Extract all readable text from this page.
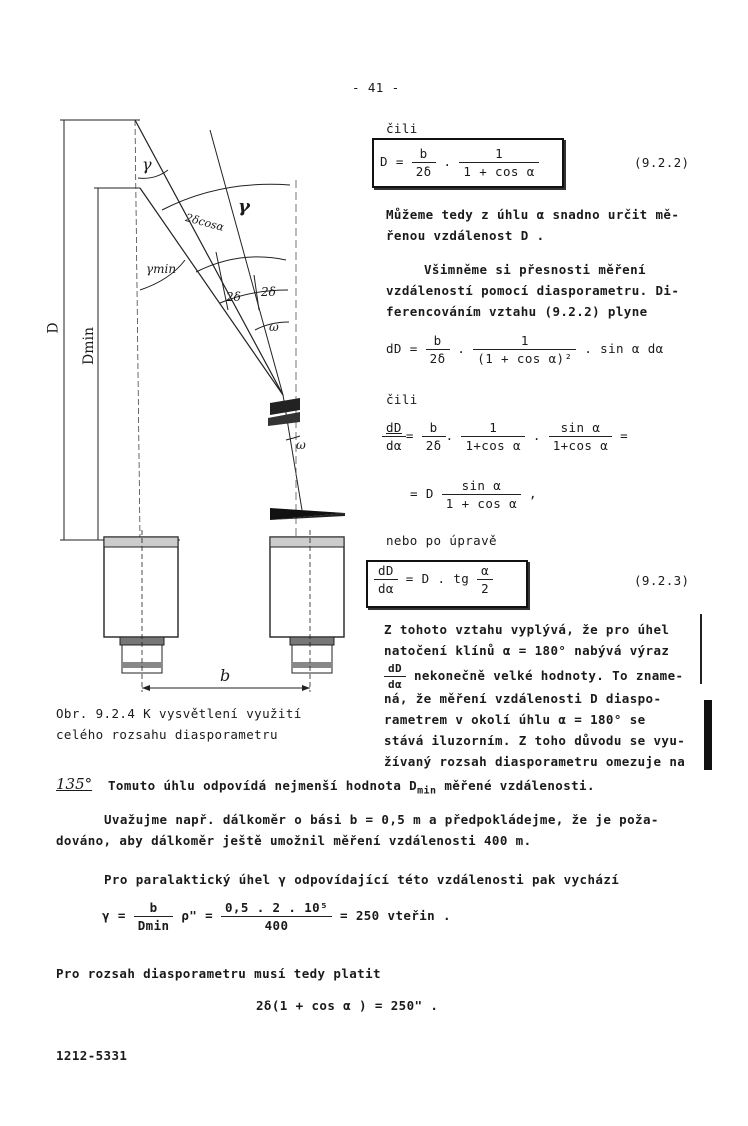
- 41 -
γ
γ
γmin
2δcosα
2δ 2δ
ω
ω
D Dmin
b
Obr. 9.2.4 K vysvětlení využití
celého rozsahu diasporametru
čili
$D = \frac{b}{2\delta}$ . $\frac{1}{\text{1 + cos α}}$	(9.2.2)
Můžeme tedy z úhlu α snadno určit mě-
řenou vzdálenost D .
Všimněme si přesnosti měření
vzdáleností pomocí diasporametru. Di-
ferencováním vztahu (9.2.2) plyne
dD = $\frac{b}{2\delta}$ . $\frac{1}{\text{(1 + cos α)²}}$ . sin α dα
čili
$\frac{dD}{d\alpha} = \frac{b}{2\delta}$ . $\frac{1}{\text{1+cos α}}$ . $\frac{\text{sin α}}{\text{1+cos α}}$ =
= D $\frac{\text{sin α}}{\text{1 + cos α}}$ ,
nebo po úpravě
$\frac{dD}{d\alpha} = D$ . tg $\frac{\alpha}{2}$	(9.2.3)
Z tohoto vztahu vyplývá, že pro úhel
natočení klínů α = 180° nabývá výraz
$\frac{dD}{d\alpha}$ nekonečně velké hodnoty. To zname-
ná, že měření vzdálenosti D diaspo-
rametrem v okolí úhlu α = 180° se
stává iluzorním. Z toho důvodu se vyu-
žívaný rozsah diasporametru omezuje na
135° Tomuto úhlu odpovídá nejmenší hodnota $D_{min}$ měřené vzdálenosti.
Uvažujme např. dálkoměr o bási b = 0,5 m a předpokládejme, že je poža-
dováno, aby dálkoměr ještě umožnil měření vzdálenosti 400 m.
Pro paralaktický úhel γ odpovídající této vzdálenosti pak vychází
$\gamma = \frac{b}{Dmin} \rho$" = $\frac{\text{0,5 . 2 . 10⁵}}{400} = 250$ vteřin .
Pro rozsah diasporametru musí tedy platit
2δ(1 + cos α ) = 250" .
1212-5331
